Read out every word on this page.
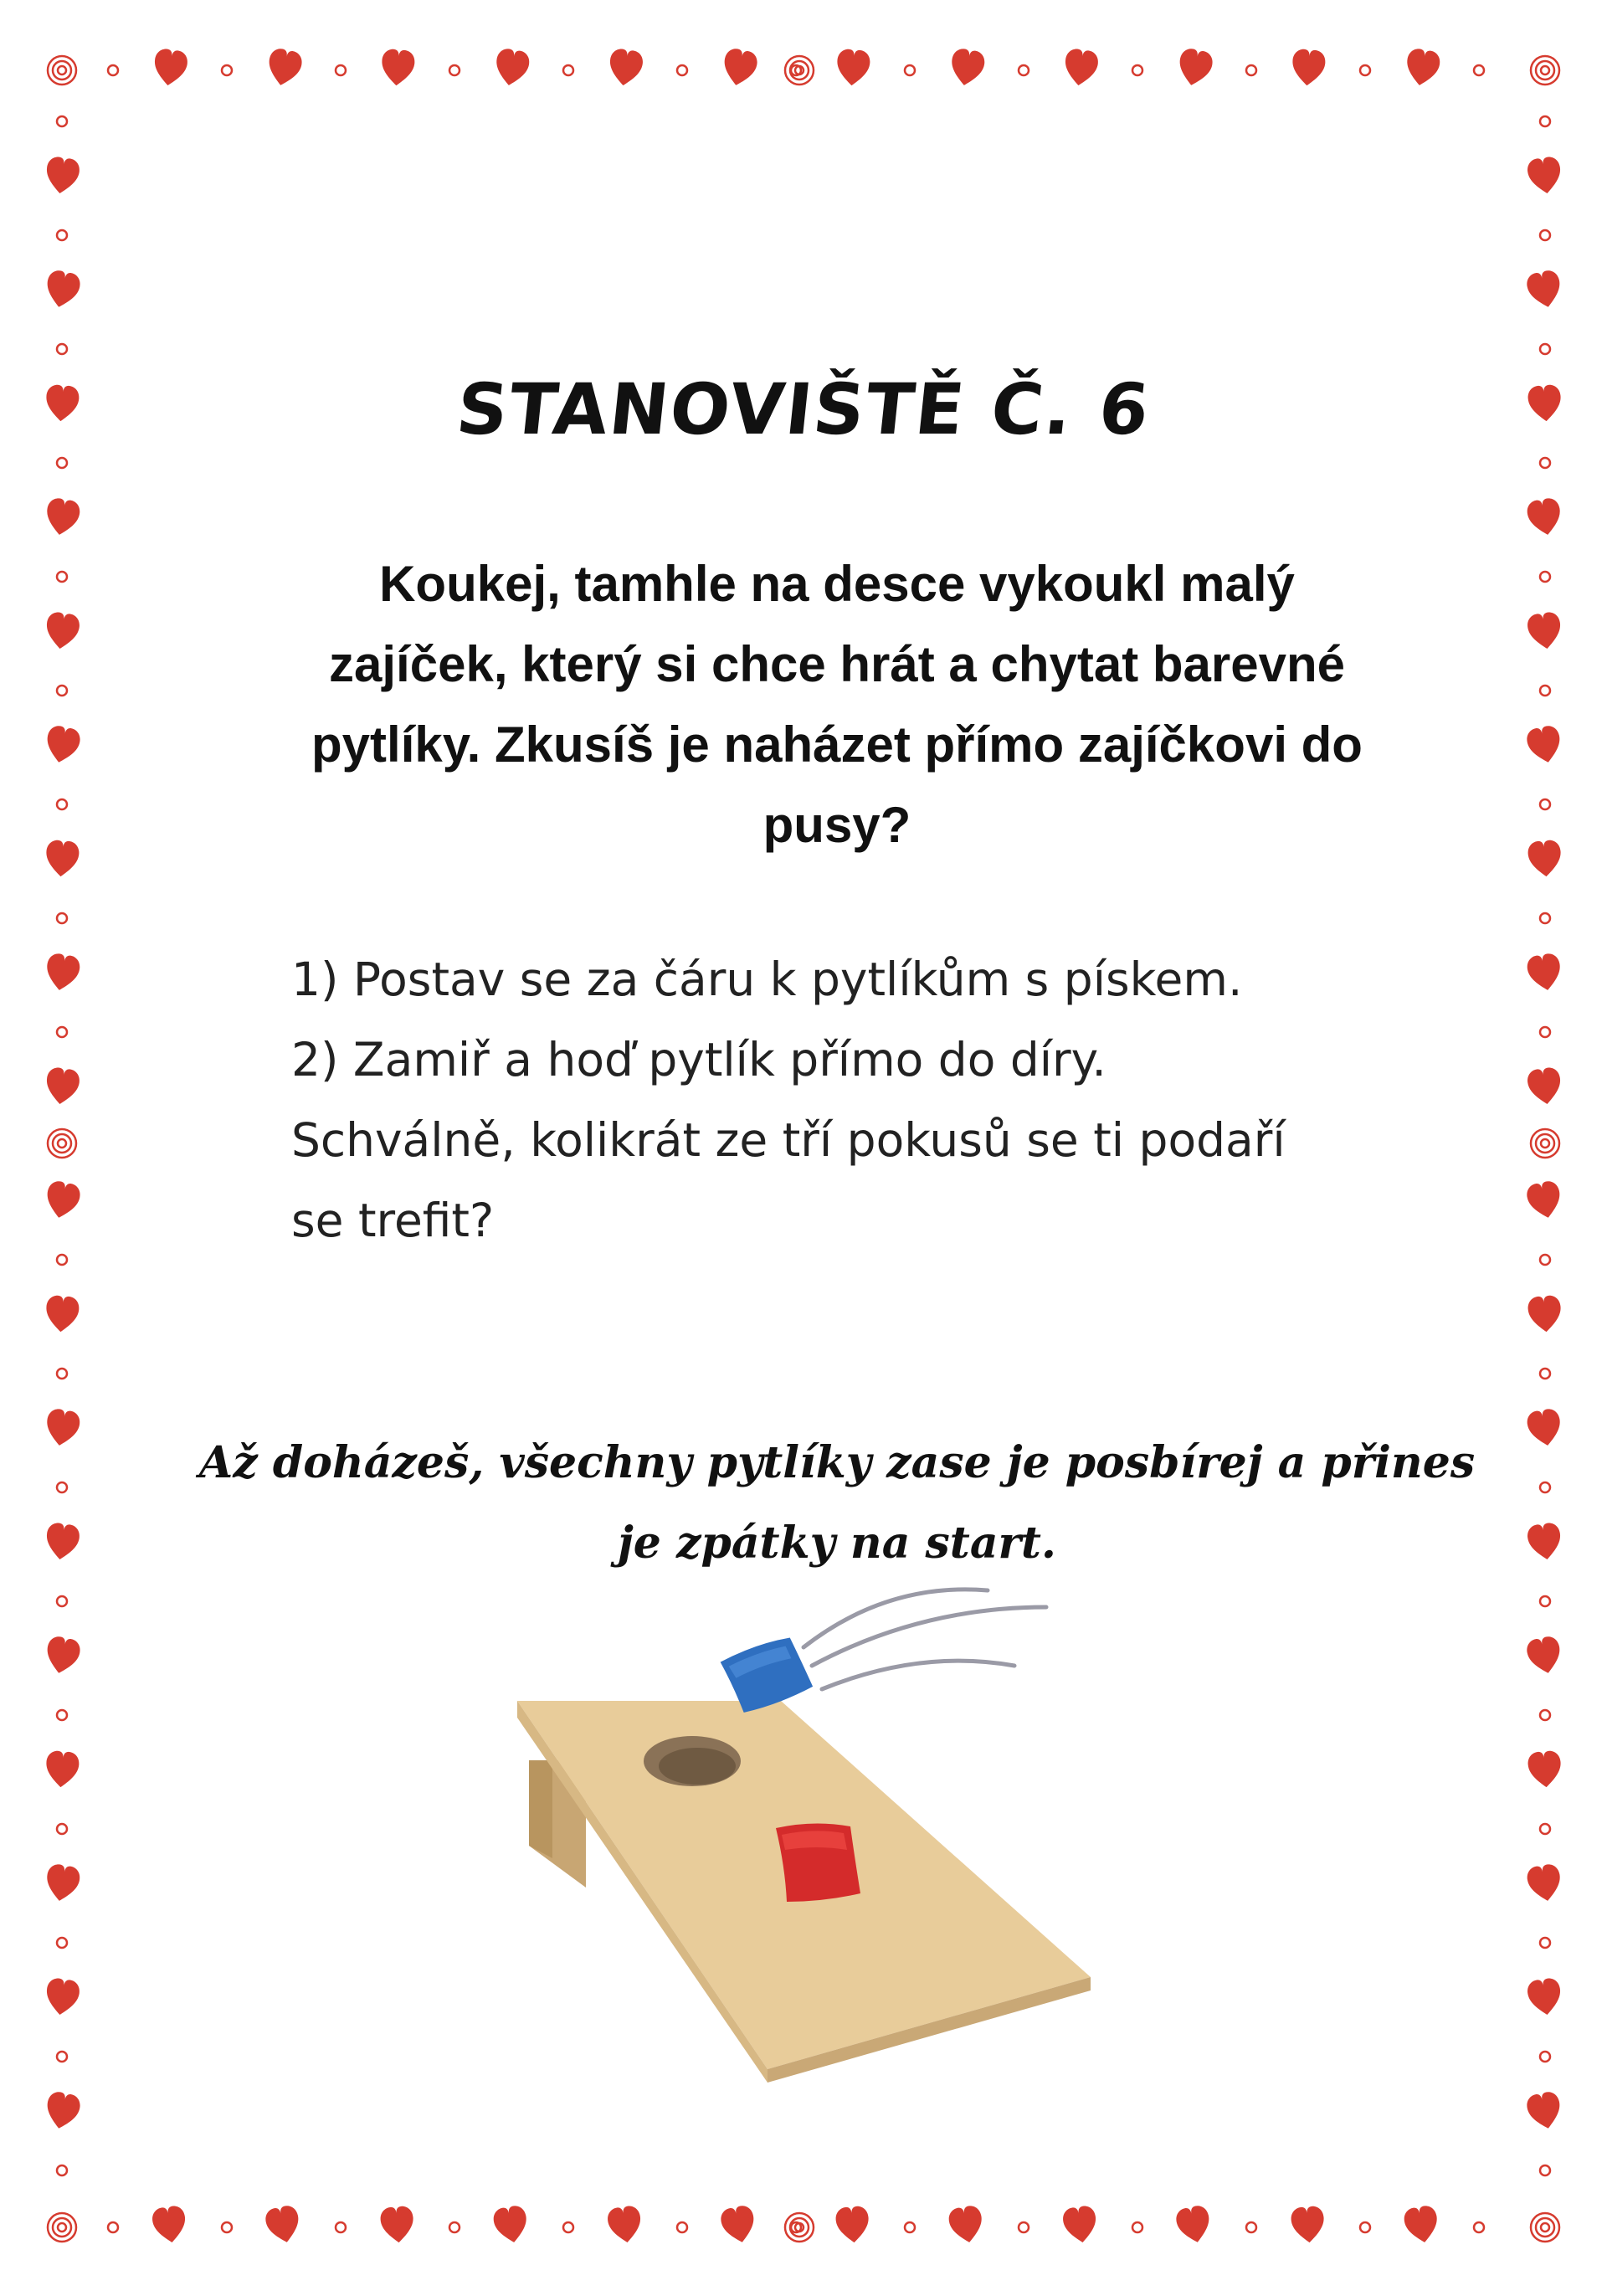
STANOVIŠTĚ Č. 6
Koukej, tamhle na desce vykoukl malý zajíček, který si chce hrát a chytat barevné pytlíky. Zkusíš je naházet přímo zajíčkovi do pusy?
1) Postav se za čáru k pytlíkům s pískem.
2) Zamiř a hoď pytlík přímo do díry.
Schválně, kolikrát ze tří pokusů se ti podaří
se trefit?
Až doházeš, všechny pytlíky zase je posbírej a přines je zpátky na start.
